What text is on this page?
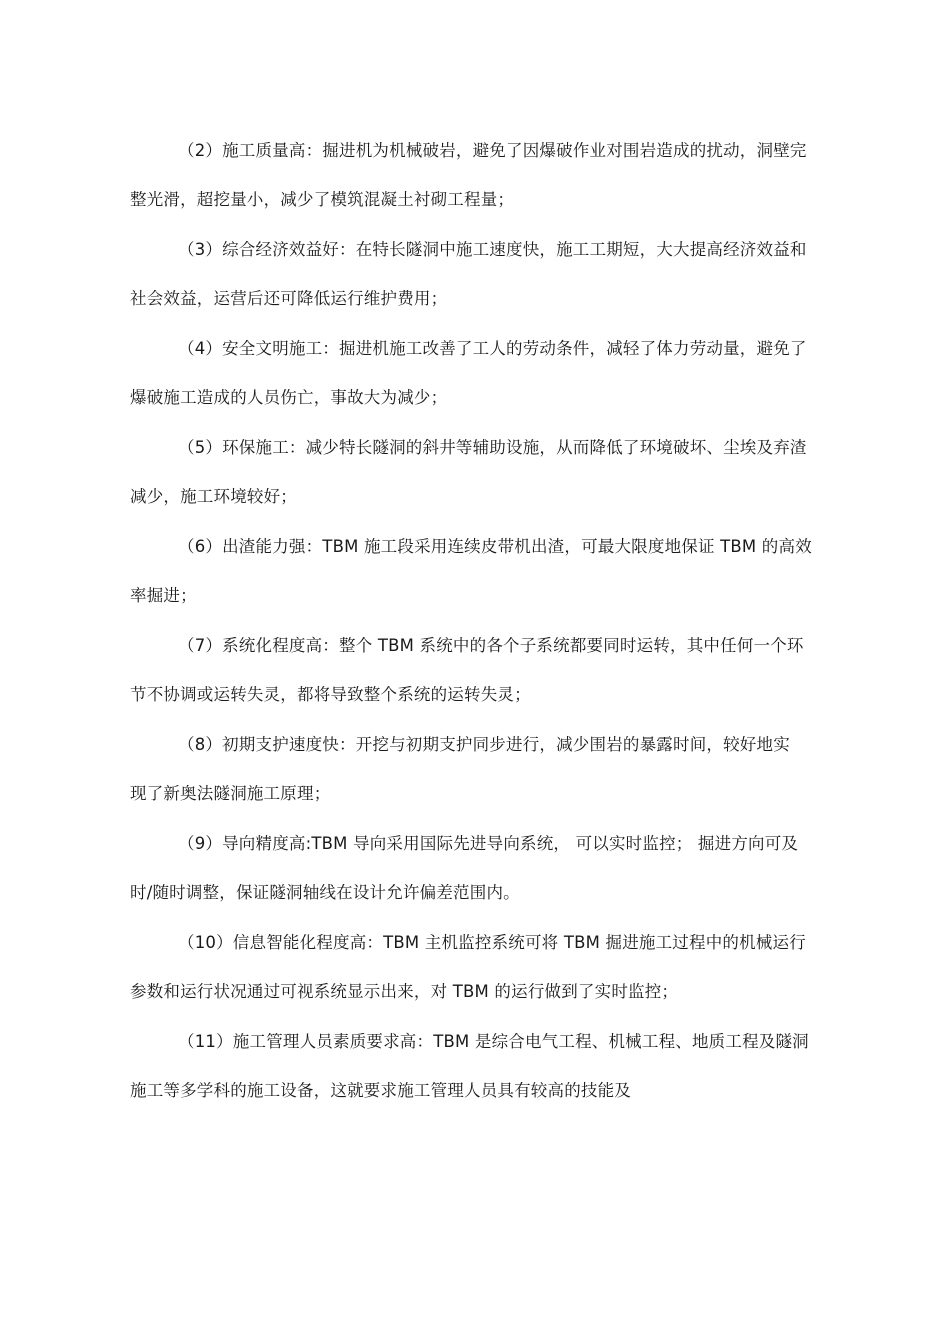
（2）施工质量高：掘进机为机械破岩，避免了因爆破作业对围岩造成的扰动，洞壁完
整光滑，超挖量小，减少了模筑混凝土衬砌工程量；
（3）综合经济效益好：在特长隧洞中施工速度快，施工工期短，大大提高经济效益和
社会效益，运营后还可降低运行维护费用；
（4）安全文明施工：掘进机施工改善了工人的劳动条件，减轻了体力劳动量，避免了
爆破施工造成的人员伤亡，事故大为减少；
（5）环保施工：减少特长隧洞的斜井等辅助设施，从而降低了环境破坏、尘埃及弃渣
减少，施工环境较好；
（6）出渣能力强：TBM 施工段采用连续皮带机出渣，可最大限度地保证 TBM 的高效
率掘进；
（7）系统化程度高：整个 TBM 系统中的各个子系统都要同时运转，其中任何一个环
节不协调或运转失灵，都将导致整个系统的运转失灵；
（8）初期支护速度快：开挖与初期支护同步进行，减少围岩的暴露时间，较好地实
现了新奥法隧洞施工原理；
（9）导向精度高:TBM 导向采用国际先进导向系统， 可以实时监控； 掘进方向可及
时/随时调整，保证隧洞轴线在设计允许偏差范围内。
（10）信息智能化程度高：TBM 主机监控系统可将 TBM 掘进施工过程中的机械运行
参数和运行状况通过可视系统显示出来，对 TBM 的运行做到了实时监控；
（11）施工管理人员素质要求高：TBM 是综合电气工程、机械工程、地质工程及隧洞
施工等多学科的施工设备，这就要求施工管理人员具有较高的技能及
